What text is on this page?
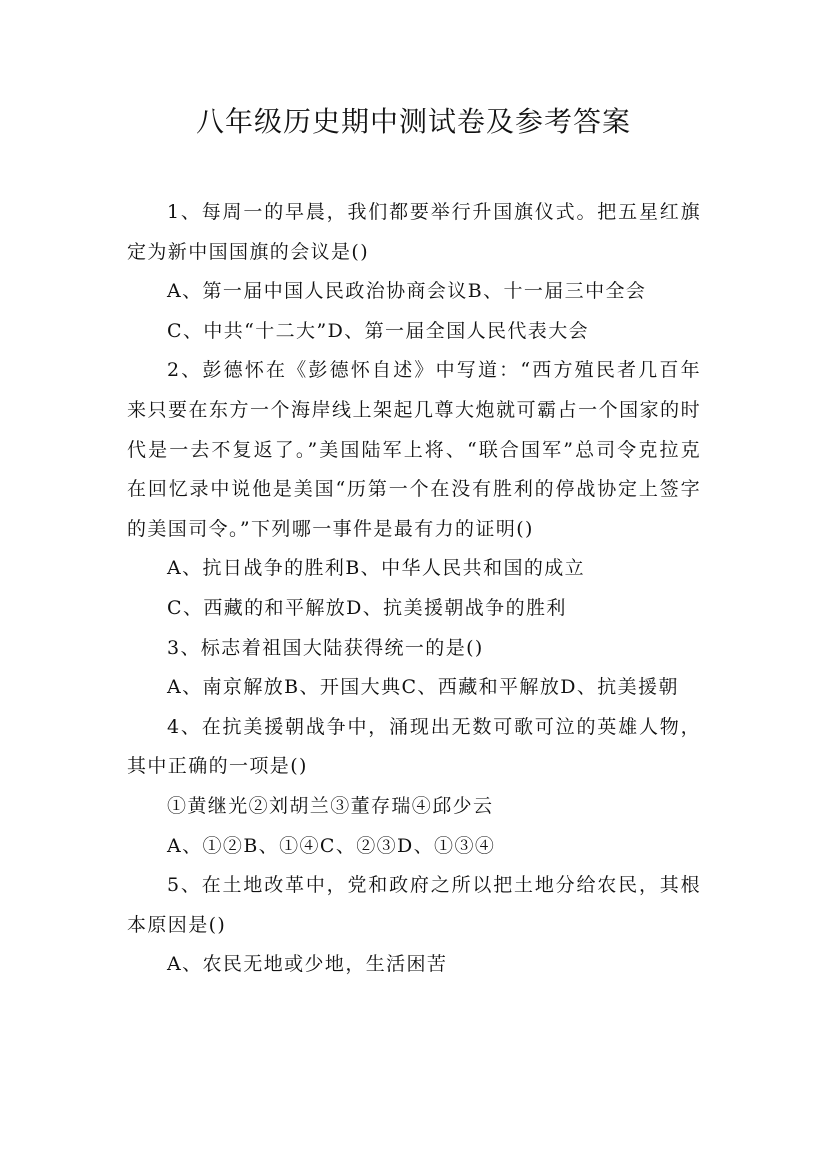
八年级历史期中测试卷及参考答案

1、每周一的早晨，我们都要举行升国旗仪式。把五星红旗定为新中国国旗的会议是()

A、第一届中国人民政治协商会议B、十一届三中全会

C、中共“十二大”D、第一届全国人民代表大会

2、彭德怀在《彭德怀自述》中写道：“西方殖民者几百年来只要在东方一个海岸线上架起几尊大炮就可霸占一个国家的时代是一去不复返了。”美国陆军上将、“联合国军”总司令克拉克在回忆录中说他是美国“历第一个在没有胜利的停战协定上签字的美国司令。”下列哪一事件是最有力的证明()

A、抗日战争的胜利B、中华人民共和国的成立

C、西藏的和平解放D、抗美援朝战争的胜利

3、标志着祖国大陆获得统一的是()

A、南京解放B、开国大典C、西藏和平解放D、抗美援朝

4、在抗美援朝战争中，涌现出无数可歌可泣的英雄人物，其中正确的一项是()

①黄继光②刘胡兰③董存瑞④邱少云

A、①②B、①④C、②③D、①③④

5、在土地改革中，党和政府之所以把土地分给农民，其根本原因是()

A、农民无地或少地，生活困苦
